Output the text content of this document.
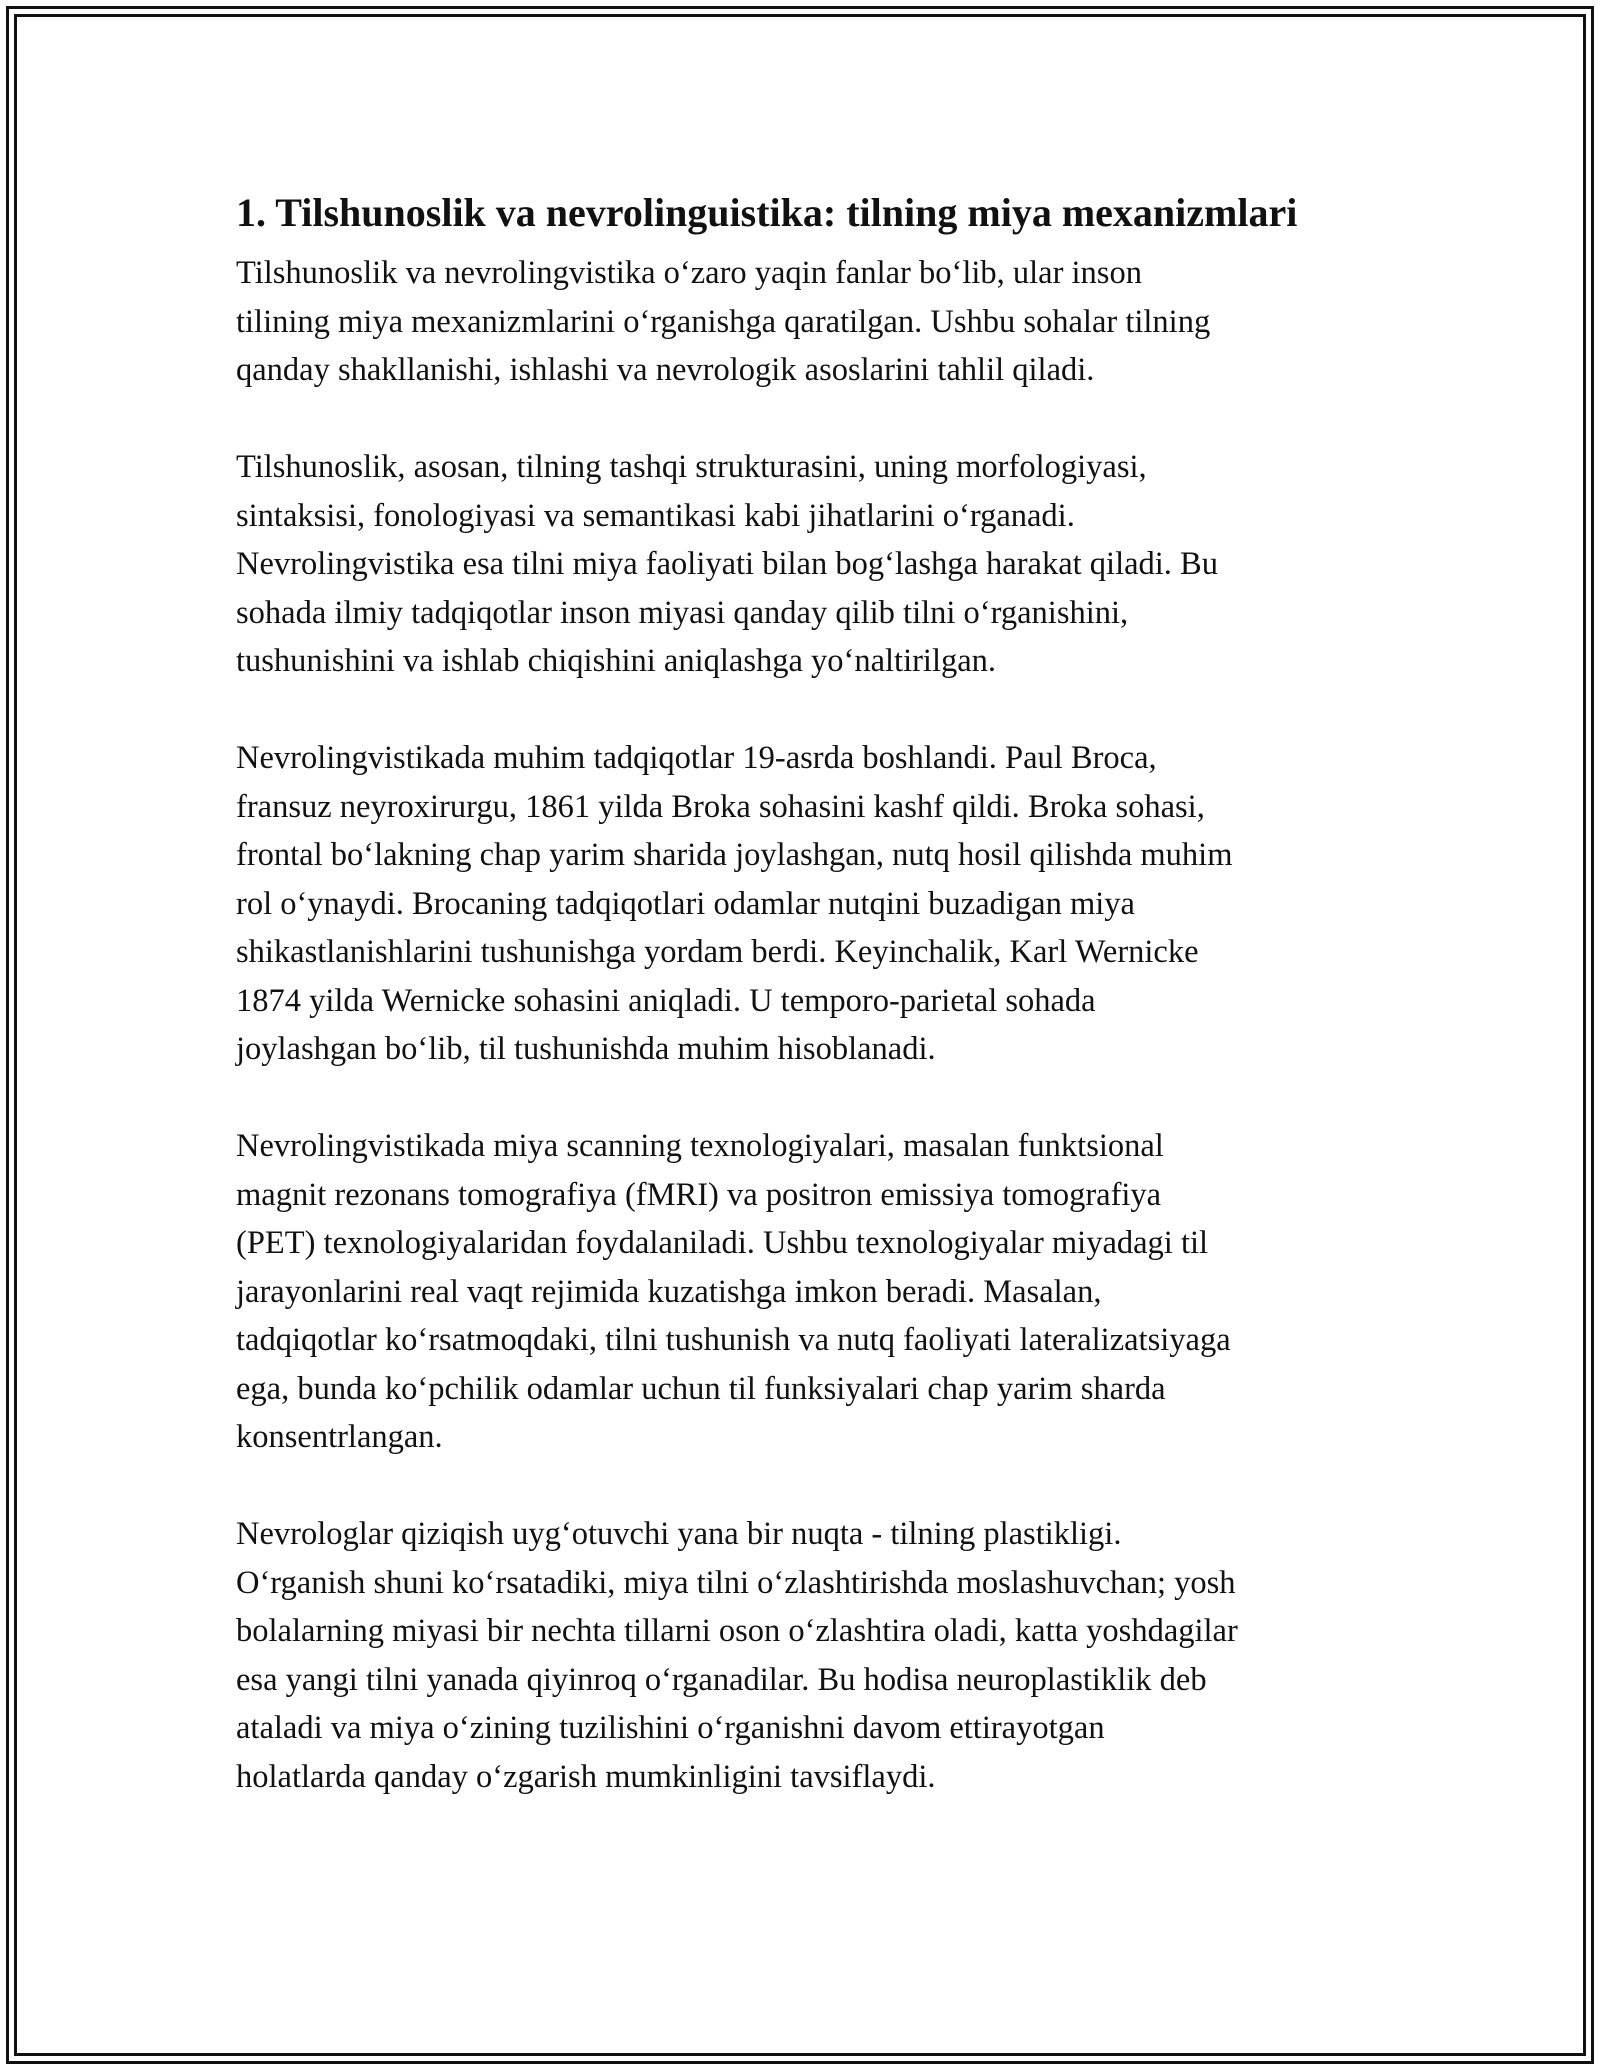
1. Tilshunoslik va nevrolinguistika: tilning miya mexanizmlari

Tilshunoslik va nevrolingvistika o‘zaro yaqin fanlar bo‘lib, ular inson
tilining miya mexanizmlarini o‘rganishga qaratilgan. Ushbu sohalar tilning
qanday shakllanishi, ishlashi va nevrologik asoslarini tahlil qiladi.

Tilshunoslik, asosan, tilning tashqi strukturasini, uning morfologiyasi,
sintaksisi, fonologiyasi va semantikasi kabi jihatlarini o‘rganadi.
Nevrolingvistika esa tilni miya faoliyati bilan bog‘lashga harakat qiladi. Bu
sohada ilmiy tadqiqotlar inson miyasi qanday qilib tilni o‘rganishini,
tushunishini va ishlab chiqishini aniqlashga yo‘naltirilgan.

Nevrolingvistikada muhim tadqiqotlar 19-asrda boshlandi. Paul Broca,
fransuz neyroxirurgu, 1861 yilda Broka sohasini kashf qildi. Broka sohasi,
frontal bo‘lakning chap yarim sharida joylashgan, nutq hosil qilishda muhim
rol o‘ynaydi. Brocaning tadqiqotlari odamlar nutqini buzadigan miya
shikastlanishlarini tushunishga yordam berdi. Keyinchalik, Karl Wernicke
1874 yilda Wernicke sohasini aniqladi. U temporo-parietal sohada
joylashgan bo‘lib, til tushunishda muhim hisoblanadi.

Nevrolingvistikada miya scanning texnologiyalari, masalan funktsional
magnit rezonans tomografiya (fMRI) va positron emissiya tomografiya
(PET) texnologiyalaridan foydalaniladi. Ushbu texnologiyalar miyadagi til
jarayonlarini real vaqt rejimida kuzatishga imkon beradi. Masalan,
tadqiqotlar ko‘rsatmoqdaki, tilni tushunish va nutq faoliyati lateralizatsiyaga
ega, bunda ko‘pchilik odamlar uchun til funksiyalari chap yarim sharda
konsentrlangan.

Nevrologlar qiziqish uyg‘otuvchi yana bir nuqta - tilning plastikligi.
O‘rganish shuni ko‘rsatadiki, miya tilni o‘zlashtirishda moslashuvchan; yosh
bolalarning miyasi bir nechta tillarni oson o‘zlashtira oladi, katta yoshdagilar
esa yangi tilni yanada qiyinroq o‘rganadilar. Bu hodisa neuroplastiklik deb
ataladi va miya o‘zining tuzilishini o‘rganishni davom ettirayotgan
holatlarda qanday o‘zgarish mumkinligini tavsiflaydi.
